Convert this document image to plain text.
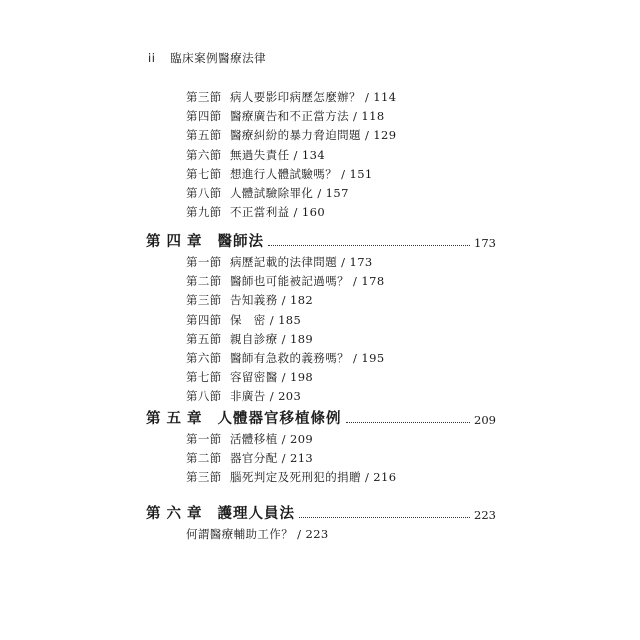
ii 臨床案例醫療法律
第三節 病人要影印病歷怎麼辦？ / 114
第四節 醫療廣告和不正當方法 / 118
第五節 醫療糾紛的暴力脅迫問題 / 129
第六節 無過失責任 / 134
第七節 想進行人體試驗嗎？ / 151
第八節 人體試驗除罪化 / 157
第九節 不正當利益 / 160
第四章 醫師法	173
第一節 病歷記載的法律問題 / 173
第二節 醫師也可能被記過嗎？ / 178
第三節 告知義務 / 182
第四節 保　密 / 185
第五節 親自診療 / 189
第六節 醫師有急救的義務嗎？ / 195
第七節 容留密醫 / 198
第八節 非廣告 / 203
第五章 人體器官移植條例	209
第一節 活體移植 / 209
第二節 器官分配 / 213
第三節 腦死判定及死刑犯的捐贈 / 216
第六章 護理人員法	223
何謂醫療輔助工作？ / 223
